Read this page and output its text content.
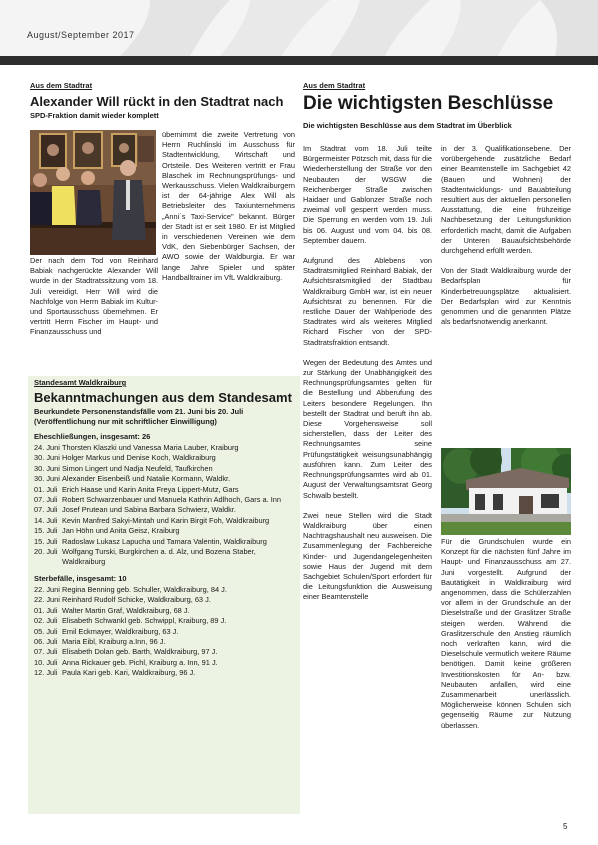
August/September 2017
Aus dem Stadtrat
Alexander Will rückt in den Stadtrat nach
SPD-Fraktion damit wieder komplett

Der nach dem Tod von Reinhard Babiak nachgerückte Alexander Will wurde in der Stadtratssitzung vom 18. Juli vereidigt. Herr Will wird die Nachfolge von Herrn Babiak im Kultur- und Sportausschuss übernehmen. Er vertritt Herrn Fischer im Haupt- und Finanzausschuss und

übernimmt die zweite Vertretung von Herrn Ruchlinski im Ausschuss für Stadtentwicklung, Wirtschaft und Ortsteile. Des Weiteren vertritt er Frau Blaschek im Rechnungsprüfungs- und Werkausschuss. Vielen Waldkraiburgern ist der 64-jährige Alex Will als Betriebsleiter des Taxiunternehmens „Anni´s Taxi-Service" bekannt. Bürger der Stadt ist er seit 1980. Er ist Mitglied in verschiedenen Vereinen wie dem VdK, den Siebenbürger Sachsen, der AWO sowie der Waldburgia. Er war lange Jahre Spieler und später Handballtrainer im VfL Waldkraiburg.

Standesamt Waldkraiburg
Bekanntmachungen aus dem Standesamt
Beurkundete Personenstandsfälle vom 21. Juni bis 20. Juli (Veröffentlichung nur mit schriftlicher Einwilligung)
Eheschließungen, insgesamt: 26
24. Juni Thorsten Klaszki und Vanessa Maria Lauber, Kraiburg
30. Juni Holger Markus und Denise Koch, Waldkraiburg
30. Juni Simon Lingert und Nadja Neufeld, Taufkirchen
30. Juni Alexander Eisenbeiß und Natalie Kormann, Waldkr.
01. Juli Erich Haase und Karin Anita Freya Lippert-Mutz, Gars
07. Juli Robert Schwarzenbauer und Manuela Kathrin Adlhoch, Gars a. Inn
07. Juli Josef Prutean und Sabina Barbara Schwierz, Waldkr.
14. Juli Kevin Manfred Sakyi-Mintah und Karin Birgit Foh, Waldkraiburg
15. Juli Jan Höhn und Anita Geisz, Kraiburg
15. Juli Radoslaw Lukasz Lapucha und Tamara Valentin, Waldkraiburg
20. Juli Wolfgang Turski, Burgkirchen a. d. Alz, und Bozena Staber, Waldkraiburg
Sterbefälle, insgesamt: 10
22. Juni Regina Benning geb. Schuller, Waldkraiburg, 84 J.
22. Juni Reinhard Rudolf Schicke, Waldkraiburg, 63 J.
01. Juli Walter Martin Graf, Waldkraiburg, 68 J.
02. Juli Elisabeth Schwankl geb. Schwippl, Kraiburg, 89 J.
05. Juli Emil Eckmayer, Waldkraiburg, 63 J.
06. Juli Maria Eibl, Kraiburg a.Inn, 96 J.
07. Juli Elisabeth Dolan geb. Barth, Waldkraiburg, 97 J.
10. Juli Anna Rickauer geb. Pichl, Kraiburg a. Inn, 91 J.
12. Juli Paula Kari geb. Kari, Waldkraiburg, 96 J.
Aus dem Stadtrat
Die wichtigsten Beschlüsse
Die wichtigsten Beschlüsse aus dem Stadtrat im Überblick

Im Stadtrat vom 18. Juli teilte Bürgermeister Pötzsch mit, dass für die Wiederherstellung der Straße vor den Neubauten der WSGW die Reichenberger Straße zwischen Haidaer und Gablonzer Straße noch zweimal voll gesperrt werden muss. Die Sperrung en werden vom 19. Juli bis 06. August und vom 04. bis 08. September dauern.

Aufgrund des Ablebens von Stadtratsmitglied Reinhard Babiak, der Aufsichtsratsmitglied der Stadtbau Waldkraiburg GmbH war, ist ein neuer Aufsichtsrat zu benennen. Für die restliche Dauer der Wahlperiode des Stadtrates wird als weiteres Mitglied Richard Fischer von der SPD-Stadtratsfraktion entsandt.

Wegen der Bedeutung des Amtes und zur Stärkung der Unabhängigkeit des Rechnungsprüfungsamtes gelten für die Bestellung und Abberufung des Leiters besondere Regelungen. Ihn bestellt der Stadtrat und beruft ihn ab. Diese Vorgehensweise soll sicherstellen, dass der Leiter des Rechnungsamtes seine Prüfungstätigkeit weisungsunabhängig ausführen kann. Zum Leiter des Rechnungsprüfungsamtes wird ab 01. August der Verwaltungsamtsrat Georg Schwalb bestellt.

Zwei neue Stellen wird die Stadt Waldkraiburg über einen Nachtragshaushalt neu ausweisen. Die Zusammenlegung der Fachbereiche Kinder- und Jugendangelegenheiten sowie Haus der Jugend mit dem Sachgebiet Schulen/Sport erfordert für die Leitungsfunktion die Ausweisung einer Beamtenstelle

in der 3. Qualifikationsebene. Der vorübergehende zusätzliche Bedarf einer Beamtenstelle im Sachgebiet 42 (Bauen und Wohnen) der Stadtentwicklungs- und Bauabteilung resultiert aus der aktuellen personellen Ausstattung, die eine frühzeitige Nachbesetzung der Leitungsfunktion erforderlich macht, damit die Aufgaben der Unteren Bauaufsichtsbehörde durchgehend erfüllt werden.

Von der Stadt Waldkraiburg wurde der Bedarfsplan für Kinderbetreuungsplätze aktualisiert. Der Bedarfsplan wird zur Kenntnis genommen und die genannten Plätze als bedarfsnotwendig anerkannt.

Für die Grundschulen wurde ein Konzept für die nächsten fünf Jahre im Haupt- und Finanzausschuss am 27. Juni vorgestellt. Aufgrund der Bautätigkeit in Waldkraiburg wird angenommen, dass die Schülerzahlen vor allem in der Grundschule an der Dieselstraße und der Graslitzer Straße steigen werden. Während die Graslitzerschule den Anstieg räumlich noch verkraften kann, wird die Dieselschule vermutlich weitere Räume benötigen. Damit keine größeren Investitionskosten für An- bzw. Neubauten anfallen, wird eine Zusammenarbeit unerlässlich. Möglicherweise können Schulen sich gegenseitig Räume zur Nutzung überlassen.

5
